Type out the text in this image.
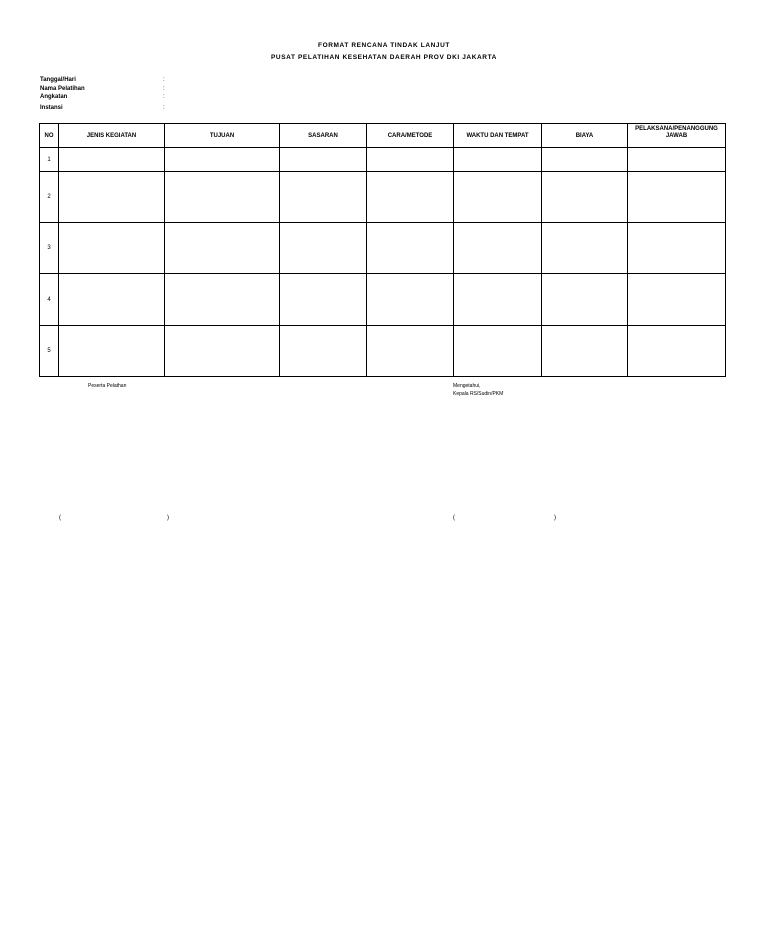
FORMAT RENCANA TINDAK LANJUT
PUSAT PELATIHAN KESEHATAN DAERAH PROV DKI JAKARTA
Tanggal/Hari	:
Nama Pelatihan	:
Angkatan	:
Instansi	:
NO	JENIS KEGIATAN	TUJUAN	SASARAN	CARA/METODE	WAKTU DAN TEMPAT	BIAYA	PELAKSANA/PENANGGUNG JAWAB
1							
2							
3							
4							
5							
Peserta Pelathan	Mengetahui,
Kepala RS/Sudin/PKM
(	)	(	)
